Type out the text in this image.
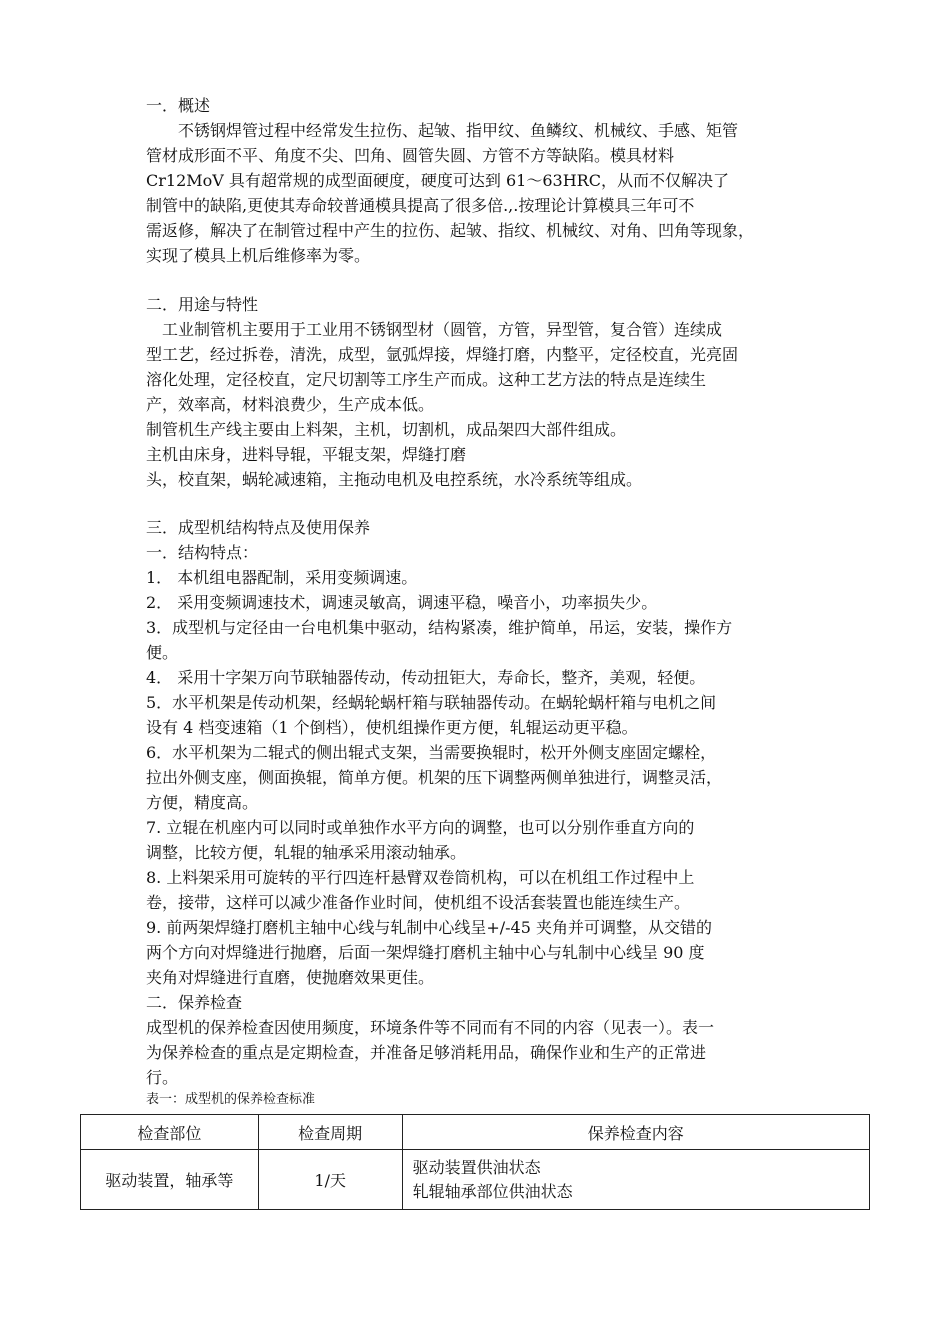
一．概述
　　不锈钢焊管过程中经常发生拉伤、起皱、指甲纹、鱼鳞纹、机械纹、手感、矩管
管材成形面不平、角度不尖、凹角、圆管失圆、方管不方等缺陷。模具材料
Cr12MoV 具有超常规的成型面硬度，硬度可达到 61～63HRC，从而不仅解决了
制管中的缺陷,更使其寿命较普通模具提高了很多倍.,.按理论计算模具三年可不
需返修，解决了在制管过程中产生的拉伤、起皱、指纹、机械纹、对角、凹角等现象，
实现了模具上机后维修率为零。
二．用途与特性
　工业制管机主要用于工业用不锈钢型材（圆管，方管，异型管，复合管）连续成
型工艺，经过拆卷，清洗，成型，氩弧焊接，焊缝打磨，内整平，定径校直，光亮固
溶化处理，定径校直，定尺切割等工序生产而成。这种工艺方法的特点是连续生
产，效率高，材料浪费少，生产成本低。
制管机生产线主要由上料架，主机，切割机，成品架四大部件组成。
主机由床身，进料导辊，平辊支架，焊缝打磨
头，校直架，蜗轮减速箱，主拖动电机及电控系统，水冷系统等组成。
三．成型机结构特点及使用保养
一．结构特点：
1． 本机组电器配制，采用变频调速。
2． 采用变频调速技术，调速灵敏高，调速平稳，噪音小，功率损失少。
3．成型机与定径由一台电机集中驱动，结构紧凑，维护简单，吊运，安装，操作方
便。
4． 采用十字架万向节联轴器传动，传动扭钜大，寿命长，整齐，美观，轻便。
5．水平机架是传动机架，经蜗轮蜗杆箱与联轴器传动。在蜗轮蜗杆箱与电机之间
设有 4 档变速箱（1 个倒档），使机组操作更方便，轧辊运动更平稳。
6．水平机架为二辊式的侧出辊式支架，当需要换辊时，松开外侧支座固定螺栓，
拉出外侧支座，侧面换辊，简单方便。机架的压下调整两侧单独进行，调整灵活，
方便，精度高。
7. 立辊在机座内可以同时或单独作水平方向的调整，也可以分别作垂直方向的
调整，比较方便，轧辊的轴承采用滚动轴承。
8. 上料架采用可旋转的平行四连杆悬臂双卷筒机构，可以在机组工作过程中上
卷，接带，这样可以减少准备作业时间，使机组不设活套装置也能连续生产。
9. 前两架焊缝打磨机主轴中心线与轧制中心线呈+/-45 夹角并可调整，从交错的
两个方向对焊缝进行抛磨，后面一架焊缝打磨机主轴中心与轧制中心线呈 90 度
夹角对焊缝进行直磨，使抛磨效果更佳。
二．保养检查
成型机的保养检查因使用频度，环境条件等不同而有不同的内容（见表一）。表一
为保养检查的重点是定期检查，并准备足够消耗用品，确保作业和生产的正常进
行。
表一：成型机的保养检查标准
检查部位	检查周期	保养检查内容
驱动装置，轴承等	1/天	驱动装置供油状态
轧辊轴承部位供油状态
